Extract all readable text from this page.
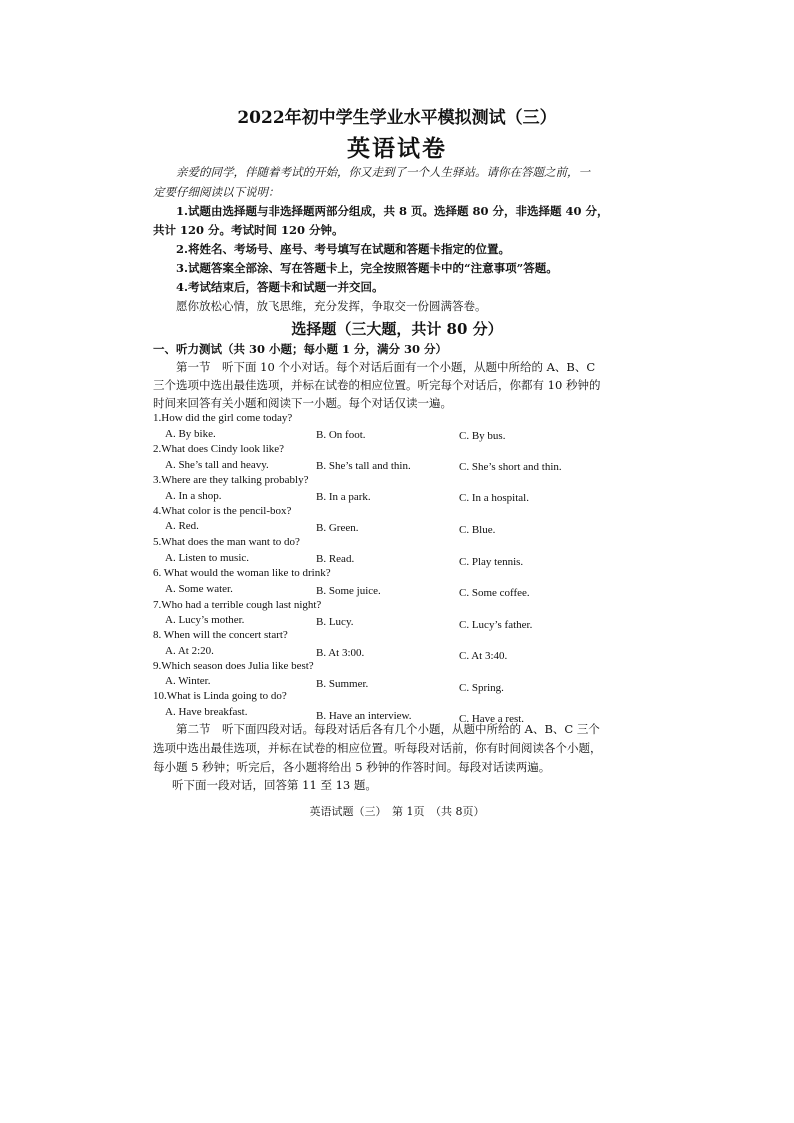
2022年初中学生学业水平模拟测试（三）
英语试卷
亲爱的同学，伴随着考试的开始，你又走到了一个人生驿站。请你在答题之前，一
定要仔细阅读以下说明：
1.试题由选择题与非选择题两部分组成，共 8 页。选择题 80 分，非选择题 40 分，
共计 120 分。考试时间 120 分钟。
2.将姓名、考场号、座号、考号填写在试题和答题卡指定的位置。
3.试题答案全部涂、写在答题卡上，完全按照答题卡中的“注意事项”答题。
4.考试结束后，答题卡和试题一并交回。
愿你放松心情，放飞思维，充分发挥，争取交一份圆满答卷。
选择题（三大题，共计 80 分）
一、听力测试（共 30 小题；每小题 1 分，满分 30 分）
第一节　听下面 10 个小对话。每个对话后面有一个小题，从题中所给的 A、B、C
三个选项中选出最佳选项，并标在试卷的相应位置。听完每个对话后，你都有 10 秒钟的
时间来回答有关小题和阅读下一小题。每个对话仅读一遍。
1.How did the girl come today?
A. By bike.	B. On foot.	C. By bus.
2.What does Cindy look like?
A. She’s tall and heavy.	B. She’s tall and thin.	C. She’s short and thin.
3.Where are they talking probably?
A. In a shop.	B. In a park.	C. In a hospital.
4.What color is the pencil-box?
A. Red.	B. Green.	C. Blue.
5.What does the man want to do?
A. Listen to music.	B. Read.	C. Play tennis.
6. What would the woman like to drink?
A. Some water.	B. Some juice.	C. Some coffee.
7.Who had a terrible cough last night?
A. Lucy’s mother.	B. Lucy.	C. Lucy’s father.
8. When will the concert start?
A. At 2:20.	B. At 3:00.	C. At 3:40.
9.Which season does Julia like best?
A. Winter.	B. Summer.	C. Spring.
10.What is Linda going to do?
A. Have breakfast.	B. Have an interview.	C. Have a rest.
第二节　听下面四段对话。每段对话后各有几个小题，从题中所给的 A、B、C 三个
选项中选出最佳选项，并标在试卷的相应位置。听每段对话前，你有时间阅读各个小题，
每小题 5 秒钟；听完后，各小题将给出 5 秒钟的作答时间。每段对话读两遍。
听下面一段对话，回答第 11 至 13 题。
英语试题（三）　第 1页　（共 8页）
